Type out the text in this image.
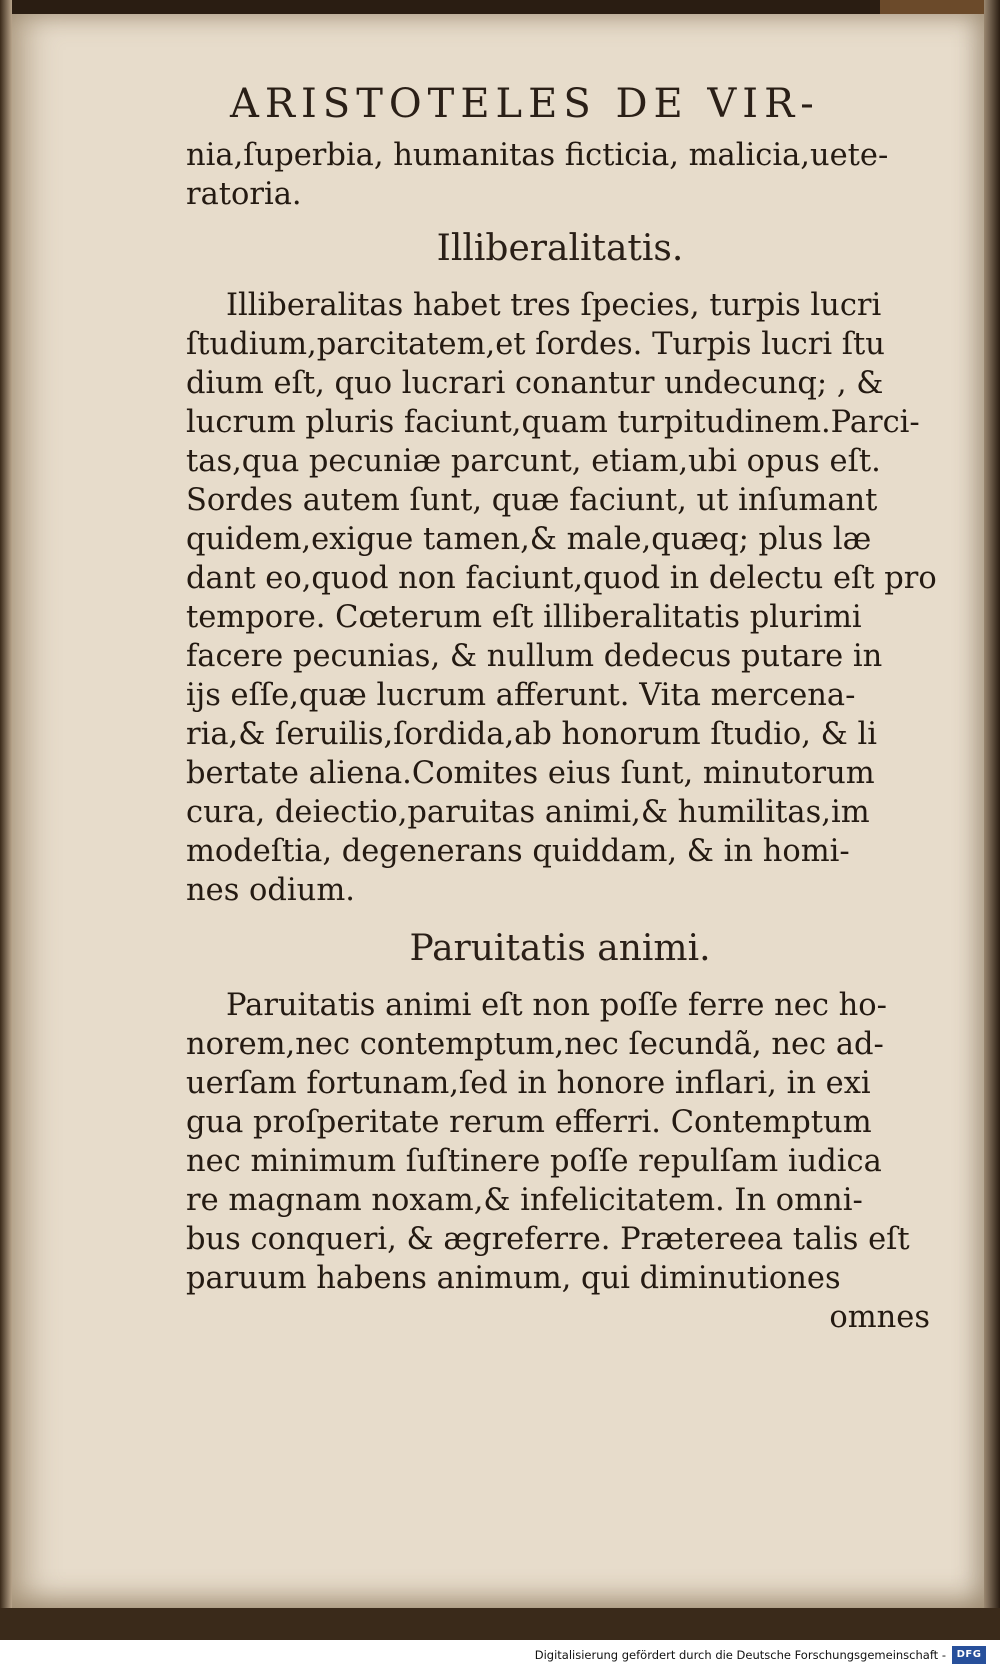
ARISTOTELES DE VIR-
nia,ſuperbia, humanitas ficticia, malicia,uete-
ratoria.
Illiberalitatis.
Illiberalitas habet tres ſpecies, turpis lucri
ſtudium,parcitatem,et ſordes. Turpis lucri ſtu
dium eſt, quo lucrari conantur undecunq; , &
lucrum pluris faciunt,quam turpitudinem.Parci-
tas,qua pecuniæ parcunt, etiam,ubi opus eſt.
Sordes autem ſunt, quæ faciunt, ut inſumant
quidem,exigue tamen,& male,quæq; plus læ
dant eo,quod non faciunt,quod in delectu eſt pro
tempore. Cœterum eſt illiberalitatis plurimi
facere pecunias, & nullum dedecus putare in
ijs eſſe,quæ lucrum afferunt. Vita mercena-
ria,& ſeruilis,ſordida,ab honorum ſtudio, & li
bertate aliena.Comites eius ſunt, minutorum
cura, deiectio,paruitas animi,& humilitas,im
modeſtia, degenerans quiddam, & in homi-
nes odium.
Paruitatis animi.
Paruitatis animi eſt non poſſe ferre nec ho-
norem,nec contemptum,nec ſecundã, nec ad-
uerſam fortunam,ſed in honore inflari, in exi
gua proſperitate rerum efferri. Contemptum
nec minimum ſuſtinere poſſe repulſam iudica
re magnam noxam,& infelicitatem. In omni-
bus conqueri, & ægreferre. Prætereea talis eſt
paruum habens animum, qui diminutiones
omnes
Digitalisierung gefördert durch die Deutsche Forschungsgemeinschaft -	DFG
